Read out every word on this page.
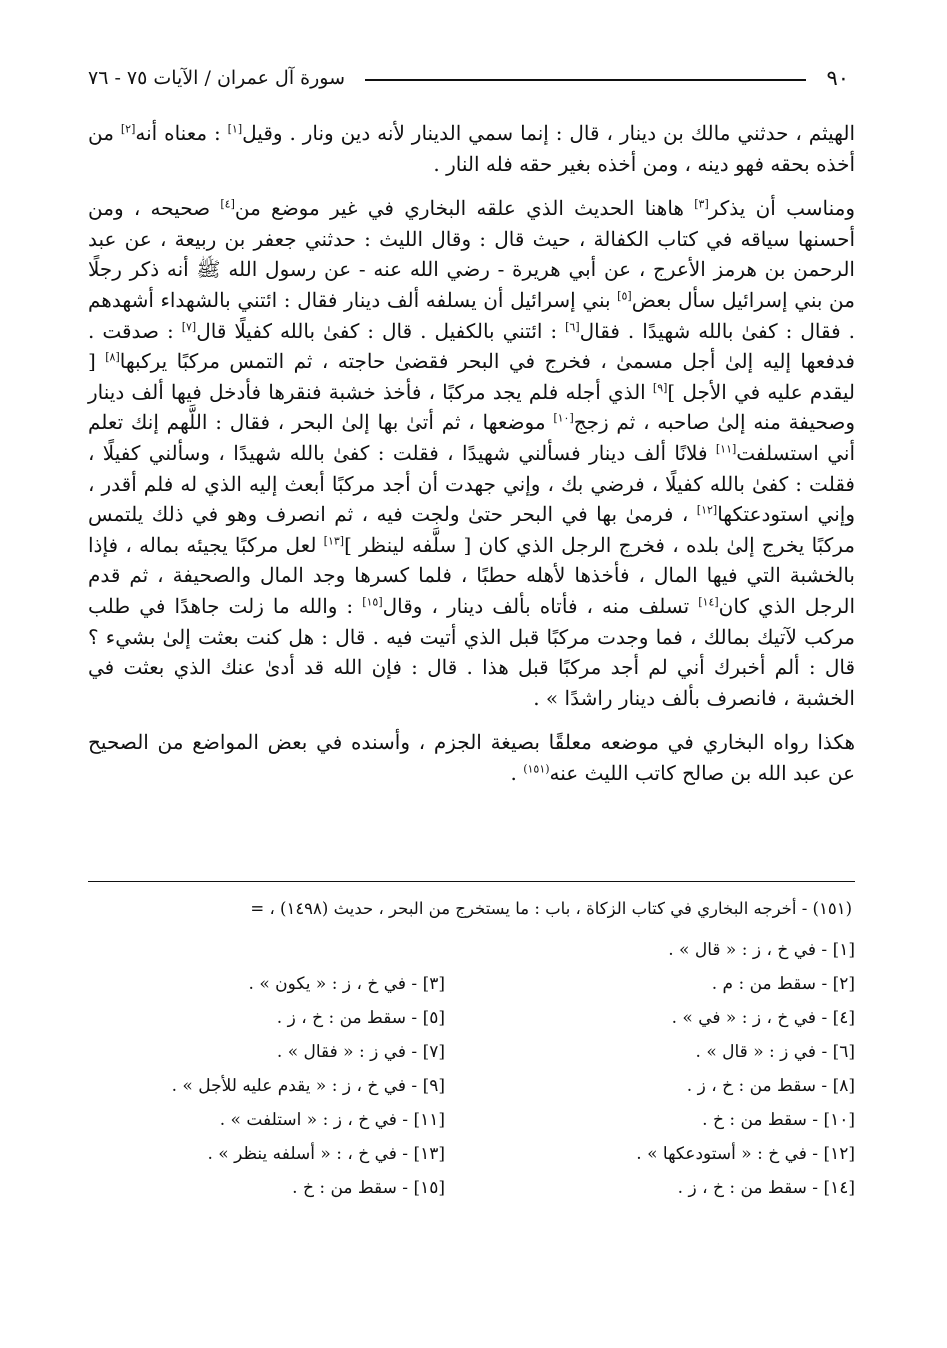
٩٠
سورة آل عمران / الآيات ٧٥ - ٧٦

الهيثم ، حدثني مالك بن دينار ، قال : إنما سمي الدينار لأنه دين ونار . وقيل[١] : معناه أنه[٢] من أخذه بحقه فهو دينه ، ومن أخذه بغير حقه فله النار .

ومناسب أن يذكر[٣] هاهنا الحديث الذي علقه البخاري في غير موضع من[٤] صحيحه ، ومن أحسنها سياقه في كتاب الكفالة ، حيث قال : وقال الليث : حدثني جعفر بن ربيعة ، عن عبد الرحمن بن هرمز الأعرج ، عن أبي هريرة - رضي الله عنه - عن رسول الله ﷺ أنه ذكر رجلًا من بني إسرائيل سأل بعض[٥] بني إسرائيل أن يسلفه ألف دينار فقال : ائتني بالشهداء أشهدهم . فقال : كفىٰ بالله شهيدًا . فقال[٦] : ائتني بالكفيل . قال : كفىٰ بالله كفيلًا قال[٧] : صدقت . فدفعها إليه إلىٰ أجل مسمىٰ ، فخرج في البحر فقضىٰ حاجته ، ثم التمس مركبًا يركبها[٨] [ ليقدم عليه في الأجل ][٩] الذي أجله فلم يجد مركبًا ، فأخذ خشبة فنقرها فأدخل فيها ألف دينار وصحيفة منه إلىٰ صاحبه ، ثم زجج[١٠] موضعها ، ثم أتىٰ بها إلىٰ البحر ، فقال : اللَّهم إنك تعلم أني استسلفت[١١] فلانًا ألف دينار فسألني شهيدًا ، فقلت : كفىٰ بالله شهيدًا ، وسألني كفيلًا ، فقلت : كفىٰ بالله كفيلًا ، فرضي بك ، وإني جهدت أن أجد مركبًا أبعث إليه الذي له فلم أقدر ، وإني استودعتكها[١٢] ، فرمىٰ بها في البحر حتىٰ ولجت فيه ، ثم انصرف وهو في ذلك يلتمس مركبًا يخرج إلىٰ بلده ، فخرج الرجل الذي كان [ سلَّفه لينظر ][١٣] لعل مركبًا يجيئه بماله ، فإذا بالخشبة التي فيها المال ، فأخذها لأهله حطبًا ، فلما كسرها وجد المال والصحيفة ، ثم قدم الرجل الذي كان[١٤] تسلف منه ، فأتاه بألف دينار ، وقال[١٥] : والله ما زلت جاهدًا في طلب مركب لآتيك بمالك ، فما وجدت مركبًا قبل الذي أتيت فيه . قال : هل كنت بعثت إلىٰ بشيء ؟ قال : ألم أخبرك أني لم أجد مركبًا قبل هذا . قال : فإن الله قد أدىٰ عنك الذي بعثت في الخشبة ، فانصرف بألف دينار راشدًا » .

هكذا رواه البخاري في موضعه معلقًا بصيغة الجزم ، وأسنده في بعض المواضع من الصحيح عن عبد الله بن صالح كاتب الليث عنه$^{(١٥١)}$ .

(١٥١) - أخرجه البخاري في كتاب الزكاة ، باب : ما يستخرج من البحر ، حديث (١٤٩٨) ، =
[١] - في خ ، ز : « قال » .
[٢] - سقط من : م .
[٣] - في خ ، ز : « يكون » .
[٤] - في خ ، ز : « في » .
[٥] - سقط من : خ ، ز .
[٦] - في ز : « قال » .
[٧] - في ز : « فقال » .
[٨] - سقط من : خ ، ز .
[٩] - في خ ، ز : « يقدم عليه للأجل » .
[١٠] - سقط من : خ .
[١١] - في خ ، ز : « استلفت » .
[١٢] - في خ : « أستودعكها » .
[١٣] - في خ ، : « أسلفه ينظر » .
[١٤] - سقط من : خ ، ز .
[١٥] - سقط من : خ .
